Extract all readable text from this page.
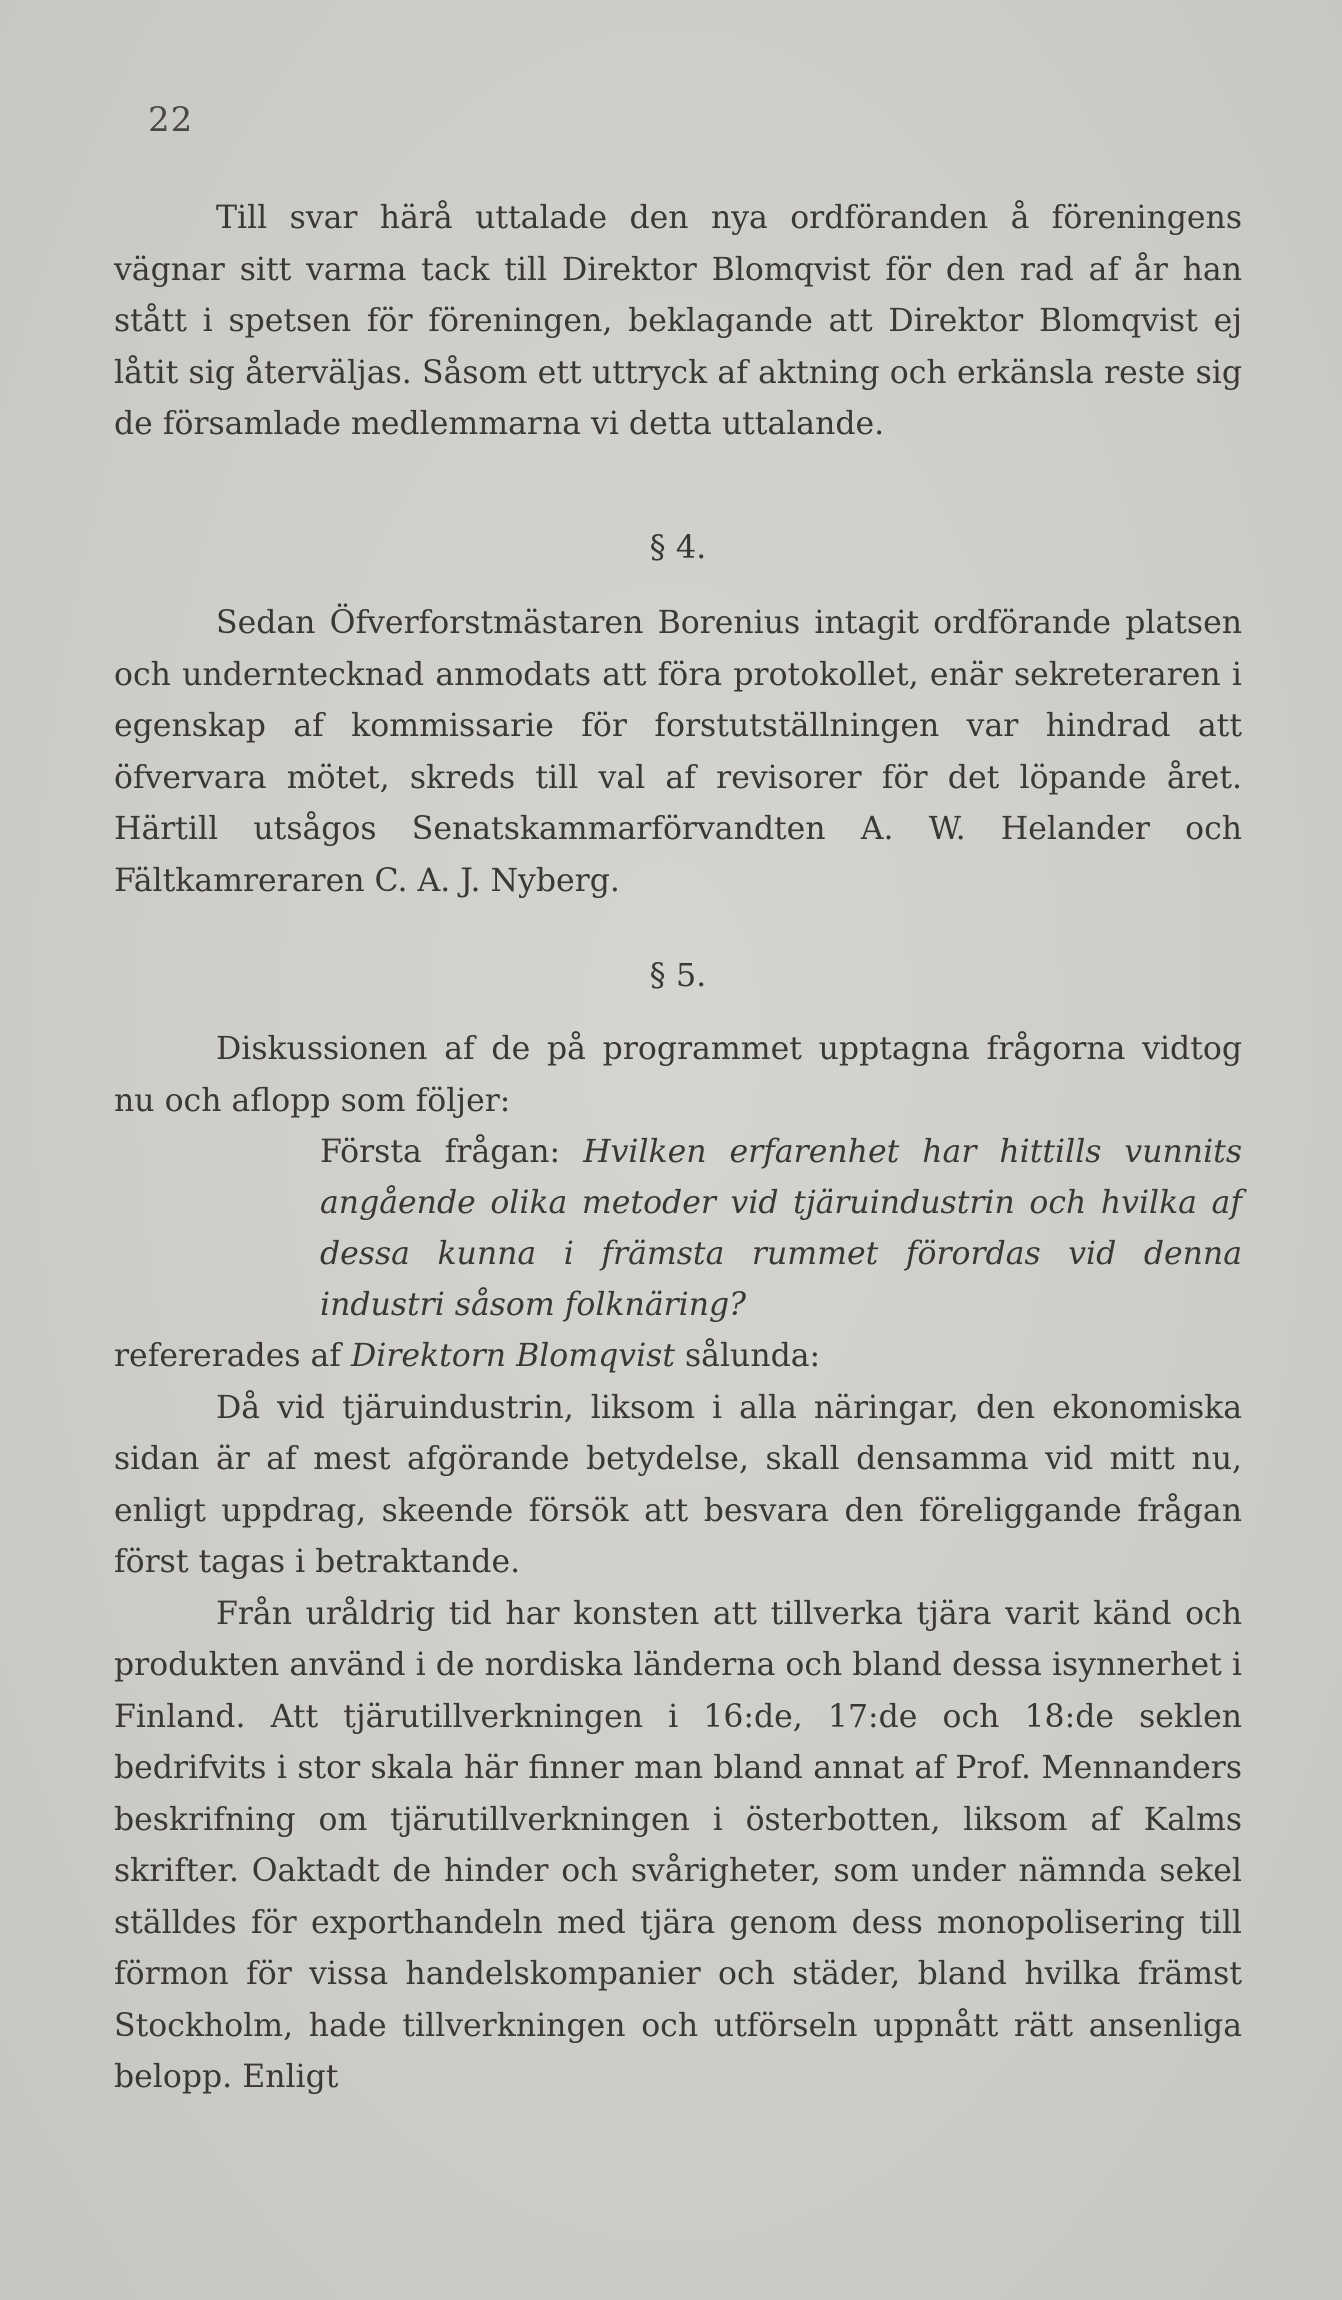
22

Till svar härå uttalade den nya ordföranden å föreningens vägnar sitt varma tack till Direktor Blomqvist för den rad af år han stått i spetsen för föreningen, beklagande att Direktor Blomqvist ej låtit sig återväljas. Såsom ett uttryck af aktning och erkänsla reste sig de församlade medlemmarna vi detta uttalande.

§ 4.

Sedan Öfverforstmästaren Borenius intagit ordförande platsen och underntecknad anmodats att föra protokollet, enär sekreteraren i egenskap af kommissarie för forstutställningen var hindrad att öfvervara mötet, skreds till val af revisorer för det löpande året. Härtill utsågos Senatskammarförvandten A. W. Helander och Fältkamreraren C. A. J. Nyberg.

§ 5.

Diskussionen af de på programmet upptagna frågorna vidtog nu och aflopp som följer:

Första frågan: Hvilken erfarenhet har hittills vunnits angående olika metoder vid tjäruindustrin och hvilka af dessa kunna i främsta rummet förordas vid denna industri såsom folknäring?

refererades af Direktorn Blomqvist sålunda:

Då vid tjäruindustrin, liksom i alla näringar, den ekonomiska sidan är af mest afgörande betydelse, skall densamma vid mitt nu, enligt uppdrag, skeende försök att besvara den föreliggande frågan först tagas i betraktande.

Från uråldrig tid har konsten att tillverka tjära varit känd och produkten använd i de nordiska länderna och bland dessa isynnerhet i Finland. Att tjärutillverkningen i 16:de, 17:de och 18:de seklen bedrifvits i stor skala här finner man bland annat af Prof. Mennanders beskrifning om tjärutillverkningen i österbotten, liksom af Kalms skrifter. Oaktadt de hinder och svårigheter, som under nämnda sekel ställdes för exporthandeln med tjära genom dess monopolisering till förmon för vissa handelskompanier och städer, bland hvilka främst Stockholm, hade tillverkningen och utförseln uppnått rätt ansenliga belopp. Enligt
